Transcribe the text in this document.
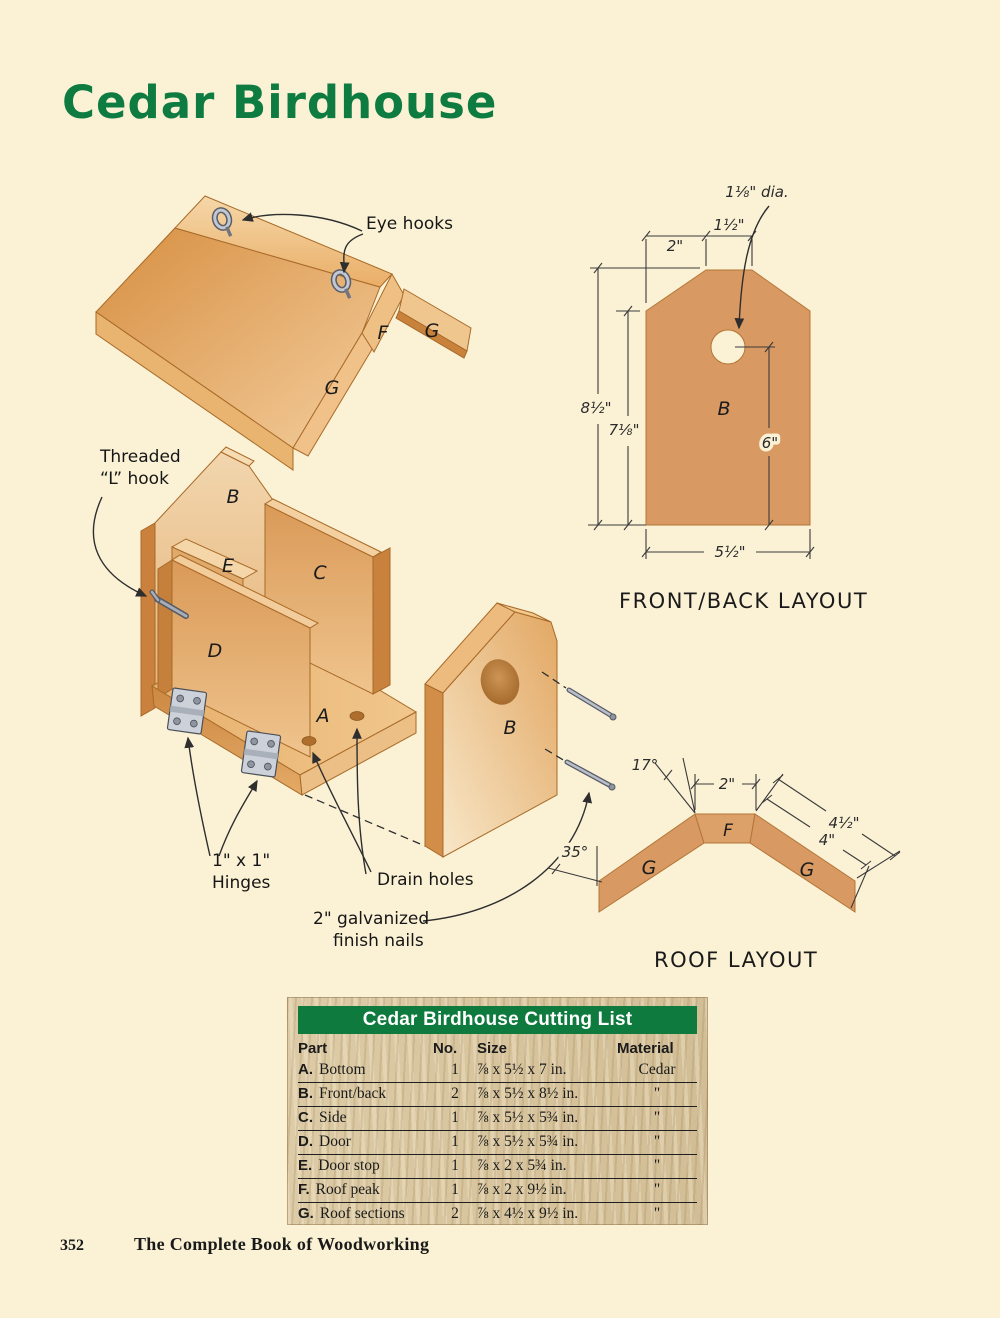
Cedar Birdhouse
F G
G
B
E	C
D
A
B
Eye hooks
Threaded
“L” hook
1" x 1"
Hinges	Drain holes
2" galvanized
finish nails
2"
1½"
8½"
7⅛"
6"
5½"
1⅛" dia.
B
FRONT/BACK LAYOUT
17°
2"
4½"
4"
35°
F
G	G
ROOF LAYOUT
Cedar Birdhouse Cutting List
Part	No.	Size	Material
A. Bottom	1	⅞ x 5½ x 7 in.	Cedar
B. Front/back	2	⅞ x 5½ x 8½ in.	"
C. Side	1	⅞ x 5½ x 5¾ in.	"
D. Door	1	⅞ x 5½ x 5¾ in.	"
E. Door stop	1	⅞ x 2 x 5¾ in.	"
F. Roof peak	1	⅞ x 2 x 9½ in.	"
G. Roof sections	2	⅞ x 4½ x 9½ in.	"
352	The Complete Book of Woodworking
